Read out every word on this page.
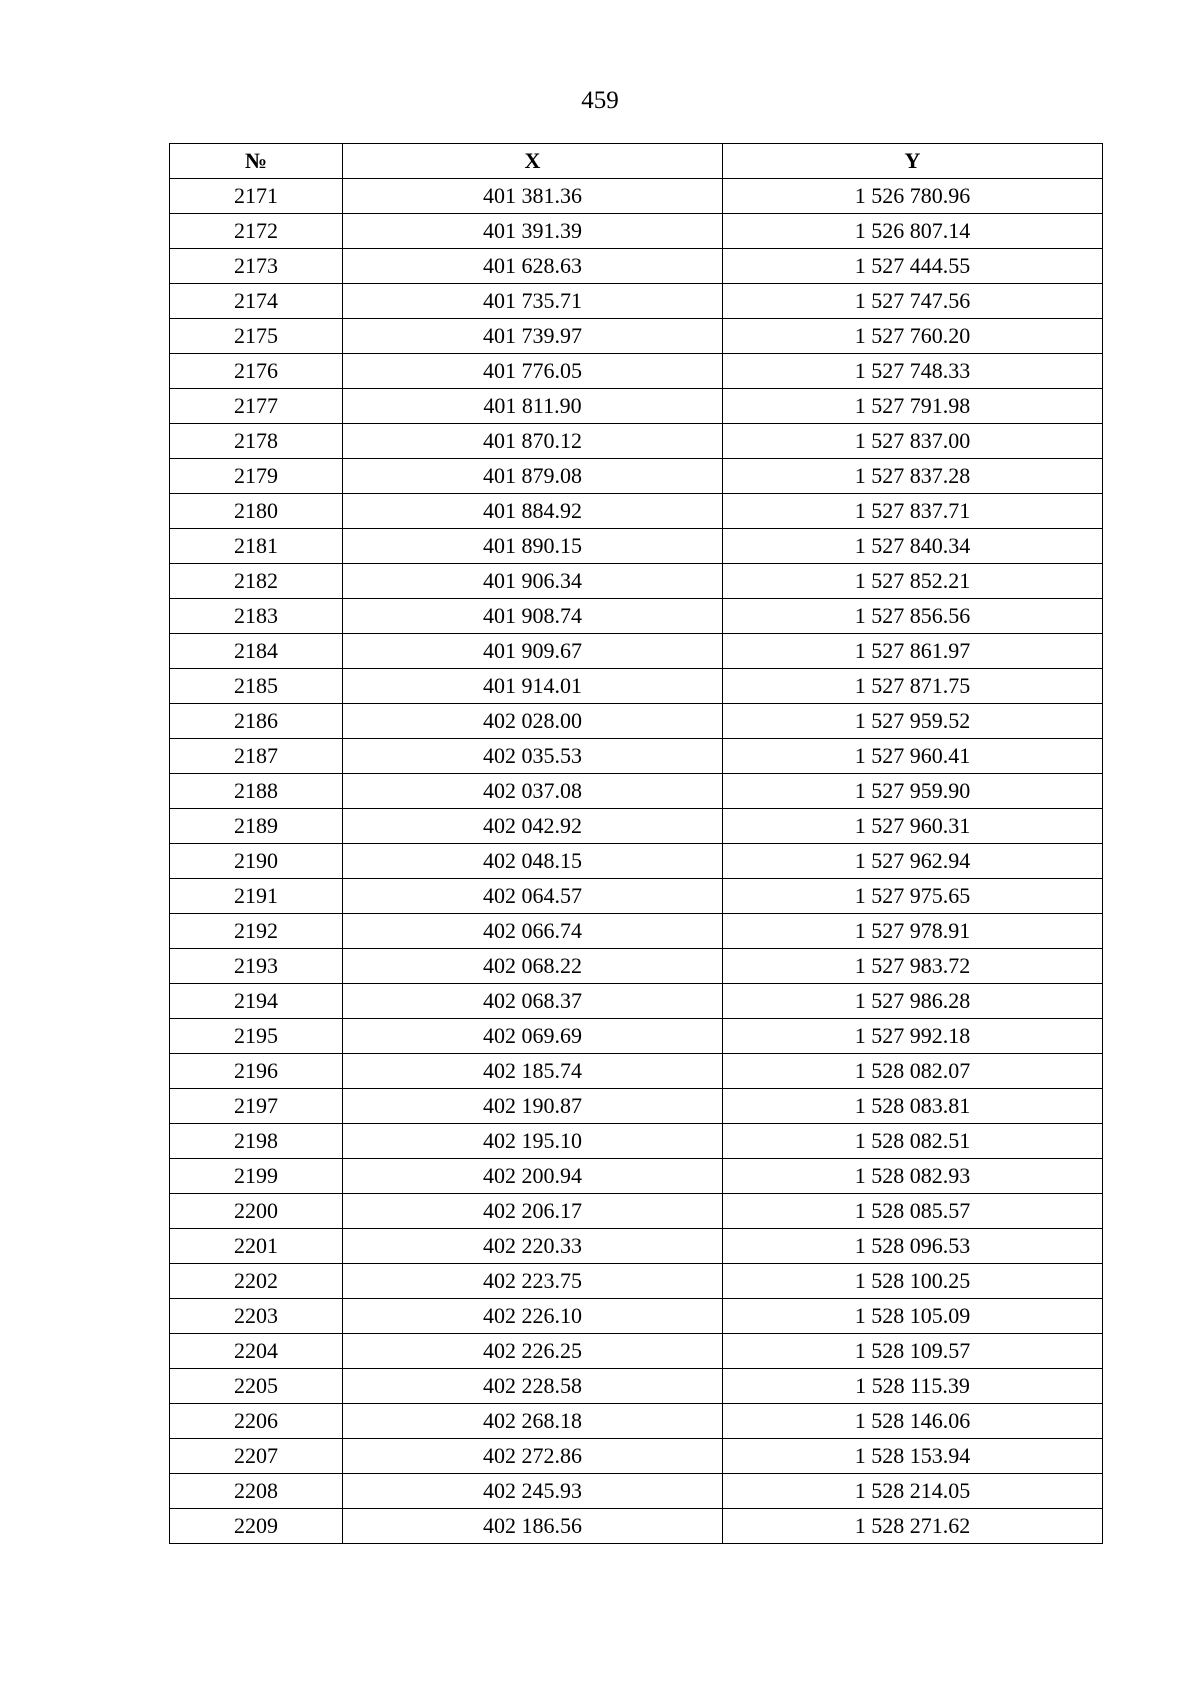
459
№	X	Y
2171	401 381.36	1 526 780.96
2172	401 391.39	1 526 807.14
2173	401 628.63	1 527 444.55
2174	401 735.71	1 527 747.56
2175	401 739.97	1 527 760.20
2176	401 776.05	1 527 748.33
2177	401 811.90	1 527 791.98
2178	401 870.12	1 527 837.00
2179	401 879.08	1 527 837.28
2180	401 884.92	1 527 837.71
2181	401 890.15	1 527 840.34
2182	401 906.34	1 527 852.21
2183	401 908.74	1 527 856.56
2184	401 909.67	1 527 861.97
2185	401 914.01	1 527 871.75
2186	402 028.00	1 527 959.52
2187	402 035.53	1 527 960.41
2188	402 037.08	1 527 959.90
2189	402 042.92	1 527 960.31
2190	402 048.15	1 527 962.94
2191	402 064.57	1 527 975.65
2192	402 066.74	1 527 978.91
2193	402 068.22	1 527 983.72
2194	402 068.37	1 527 986.28
2195	402 069.69	1 527 992.18
2196	402 185.74	1 528 082.07
2197	402 190.87	1 528 083.81
2198	402 195.10	1 528 082.51
2199	402 200.94	1 528 082.93
2200	402 206.17	1 528 085.57
2201	402 220.33	1 528 096.53
2202	402 223.75	1 528 100.25
2203	402 226.10	1 528 105.09
2204	402 226.25	1 528 109.57
2205	402 228.58	1 528 115.39
2206	402 268.18	1 528 146.06
2207	402 272.86	1 528 153.94
2208	402 245.93	1 528 214.05
2209	402 186.56	1 528 271.62
